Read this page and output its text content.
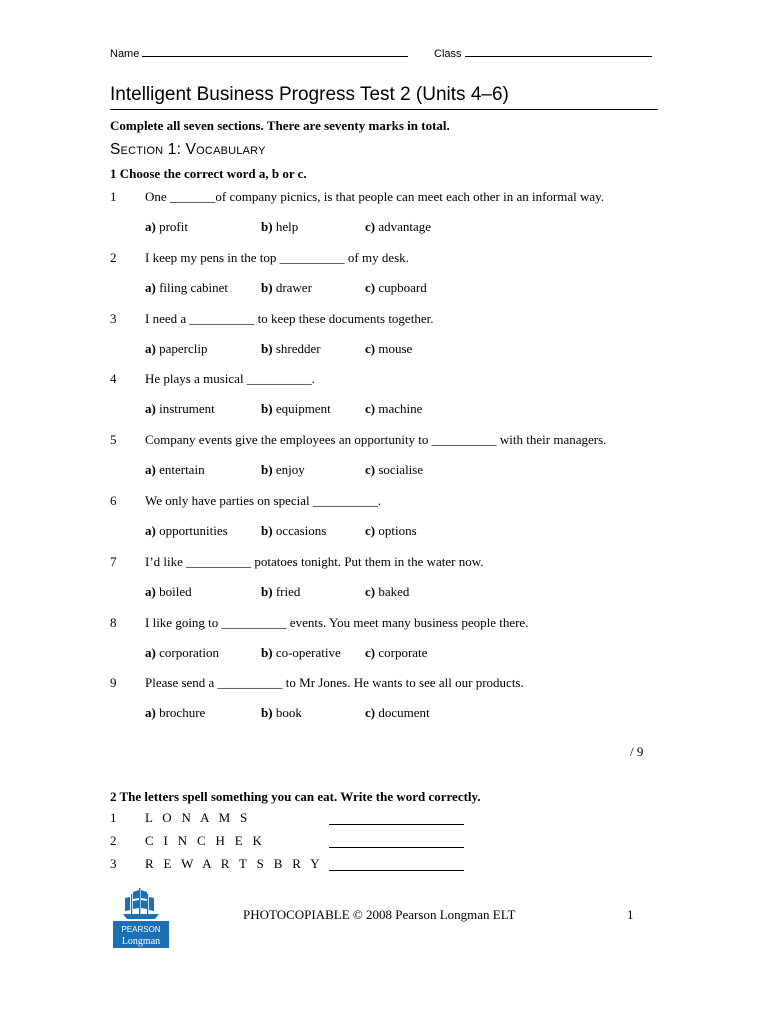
Name	Class
Intelligent Business Progress Test 2 (Units 4–6)
Complete all seven sections. There are seventy marks in total.
Section 1: Vocabulary
1 Choose the correct word a, b or c.
1 One _______of company picnics, is that people can meet each other in an informal way.
a) profit	b) help	c) advantage
2 I keep my pens in the top __________ of my desk.
a) filing cabinet	b) drawer	c) cupboard
3 I need a __________ to keep these documents together.
a) paperclip	b) shredder	c) mouse
4 He plays a musical __________.
a) instrument	b) equipment	c) machine
5 Company events give the employees an opportunity to __________ with their managers.
a) entertain	b) enjoy	c) socialise
6 We only have parties on special __________.
a) opportunities	b) occasions	c) options
7 I’d like __________ potatoes tonight. Put them in the water now.
a) boiled	b) fried	c) baked
8 I like going to __________ events. You meet many business people there.
a) corporation	b) co-operative c) corporate
9 Please send a __________ to Mr Jones. He wants to see all our products.
a) brochure	b) book	c) document
/ 9
2 The letters spell something you can eat. Write the word correctly.
1 L O N A M S
2 C I N C H E K
3 R E W A R T S B R Y
PEARSON
Longman
PHOTOCOPIABLE © 2008 Pearson Longman ELT	1
